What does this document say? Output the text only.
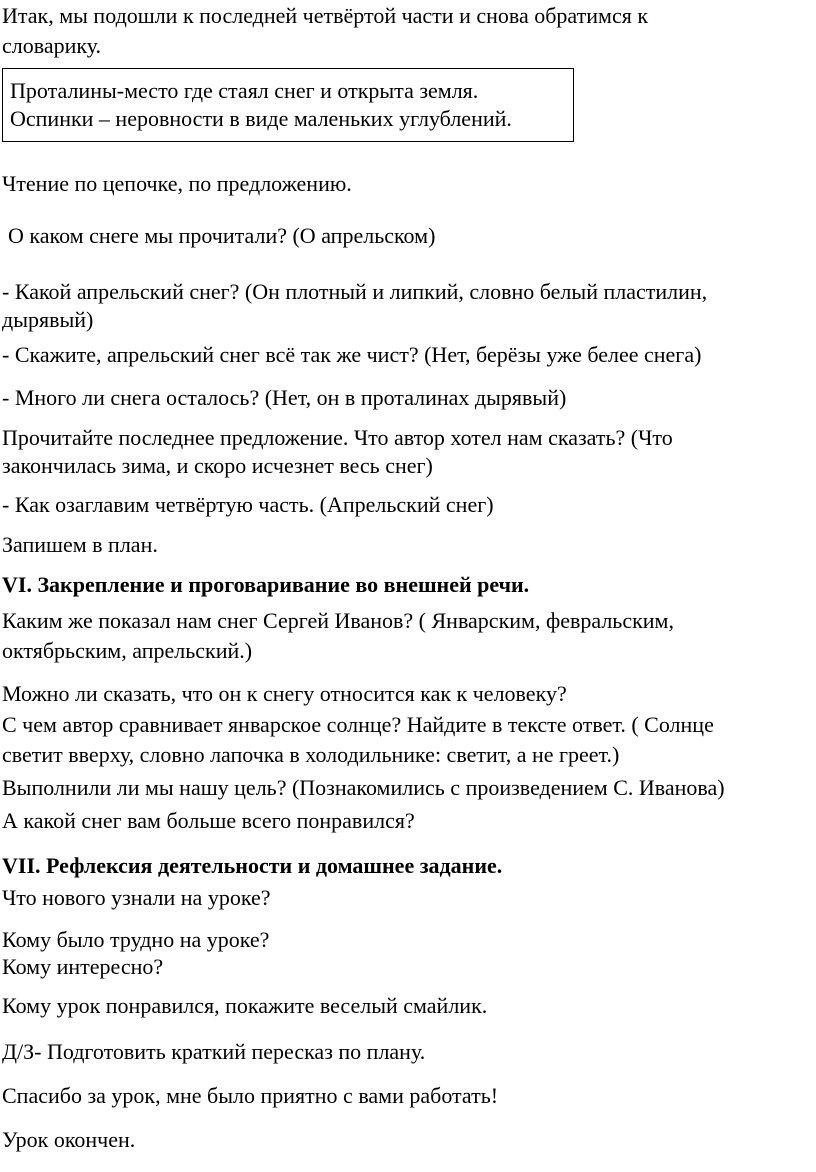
Итак, мы подошли к последней четвёртой части и снова обратимся к
словарику.
Проталины-место где стаял снег и открыта земля.
Оспинки – неровности в виде маленьких углублений.
Чтение по цепочке, по предложению.
О каком снеге мы прочитали? (О апрельском)
- Какой апрельский снег? (Он плотный и липкий, словно белый пластилин,
дырявый)
- Скажите, апрельский снег всё так же чист? (Нет, берёзы уже белее снега)
- Много ли снега осталось? (Нет, он в проталинах дырявый)
Прочитайте последнее предложение. Что автор хотел нам сказать? (Что
закончилась зима, и скоро исчезнет весь снег)
- Как озаглавим четвёртую часть. (Апрельский снег)
Запишем в план.
VI. Закрепление и проговаривание во внешней речи.
Каким же показал нам снег Сергей Иванов? ( Январским, февральским,
октябрьским, апрельский.)
Можно ли сказать, что он к снегу относится как к человеку?
С чем автор сравнивает январское солнце? Найдите в тексте ответ. ( Солнце
светит вверху, словно лапочка в холодильнике: светит, а не греет.)
Выполнили ли мы нашу цель? (Познакомились с произведением С. Иванова)
А какой снег вам больше всего понравился?
VII. Рефлексия деятельности и домашнее задание.
Что нового узнали на уроке?
Кому было трудно на уроке?
Кому интересно?
Кому урок понравился, покажите веселый смайлик.
Д/З- Подготовить краткий пересказ по плану.
Спасибо за урок, мне было приятно с вами работать!
Урок окончен.
